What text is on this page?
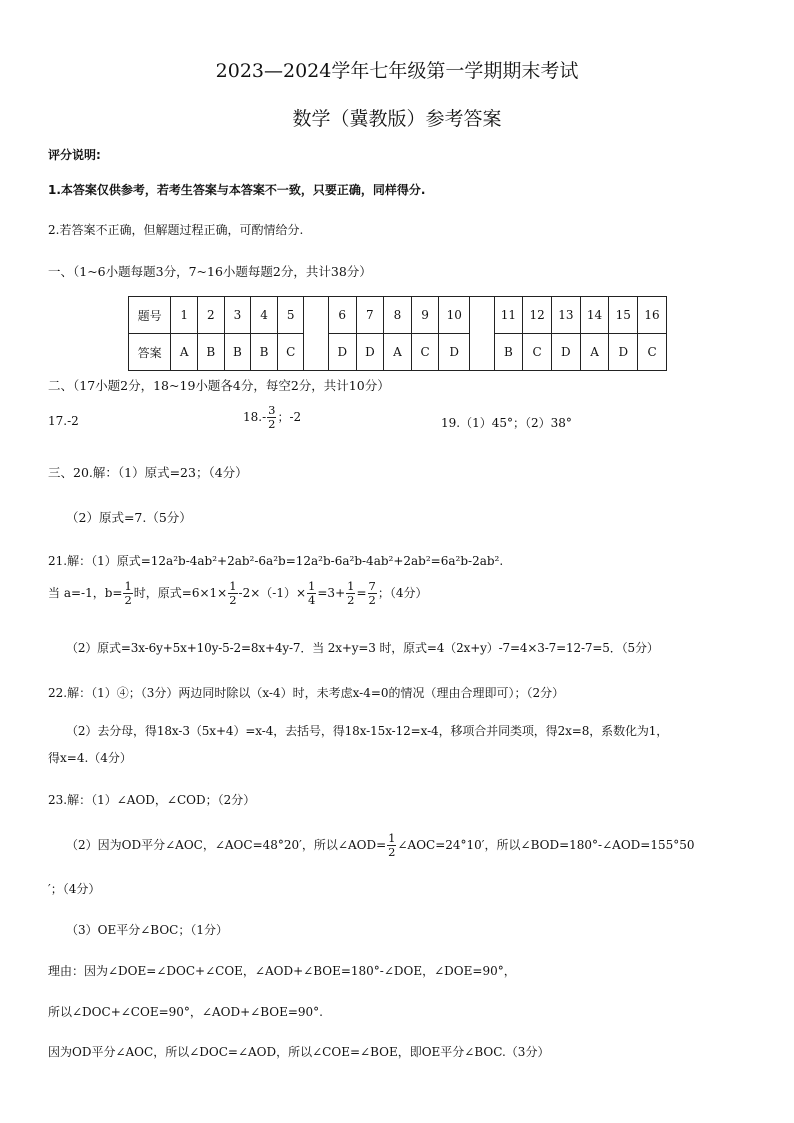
2023—2024学年七年级第一学期期末考试
数学（冀教版）参考答案
评分说明:
1.本答案仅供参考，若考生答案与本答案不一致，只要正确，同样得分.
2.若答案不正确，但解题过程正确，可酌情给分.
一、（1~6小题每题3分，7~16小题每题2分，共计38分）
题号	1	2	3	4	5		6	7	8	9	10		11	12	13	14	15	16
答案	A	B	B	B	C		D	D	A	C	D		B	C	D	A	D	C
二、（17小题2分，18~19小题各4分，每空2分，共计10分）
17.-2	$18.- \frac{3}{2}$ ；-2	19.（1）45°；（2）38°
三、20.解：（1）原式=23；（4分）
（2）原式=7.（5分）
21.解：（1）原式=12a²b-4ab²+2ab²-6a²b=12a²b-6a²b-4ab²+2ab²=6a²b-2ab².
当 a=-1，$b= \frac{1}{2}$ 时，原式$=6\times 1\times \frac{1}{2} -2\times(-1)\times \frac{1}{4} =3+ \frac{1}{2} = \frac{7}{2}$ ；（4分）
（2）原式=3x-6y+5x+10y-5-2=8x+4y-7．当 2x+y=3 时，原式=4（2x+y）-7=4×3-7=12-7=5．（5分）
22.解：（1）④；（3分）两边同时除以（x-4）时，未考虑x-4=0的情况（理由合理即可）；（2分）
（2）去分母，得18x-3（5x+4）=x-4，去括号，得18x-15x-12=x-4，移项合并同类项，得2x=8，系数化为1，
得x=4.（4分）
23.解：（1）∠AOD，∠COD；（2分）
（2）因为OD平分∠AOC，∠AOC=48°20′，所以∠AOD= $\frac{1}{2}$ ∠AOC=24°10′，所以∠BOD=180°-∠AOD=155°50
′；（4分）
（3）OE平分∠BOC；（1分）
理由：因为∠DOE=∠DOC+∠COE，∠AOD+∠BOE=180°-∠DOE，∠DOE=90°，
所以∠DOC+∠COE=90°，∠AOD+∠BOE=90°.
因为OD平分∠AOC，所以∠DOC=∠AOD，所以∠COE=∠BOE，即OE平分∠BOC.（3分）
